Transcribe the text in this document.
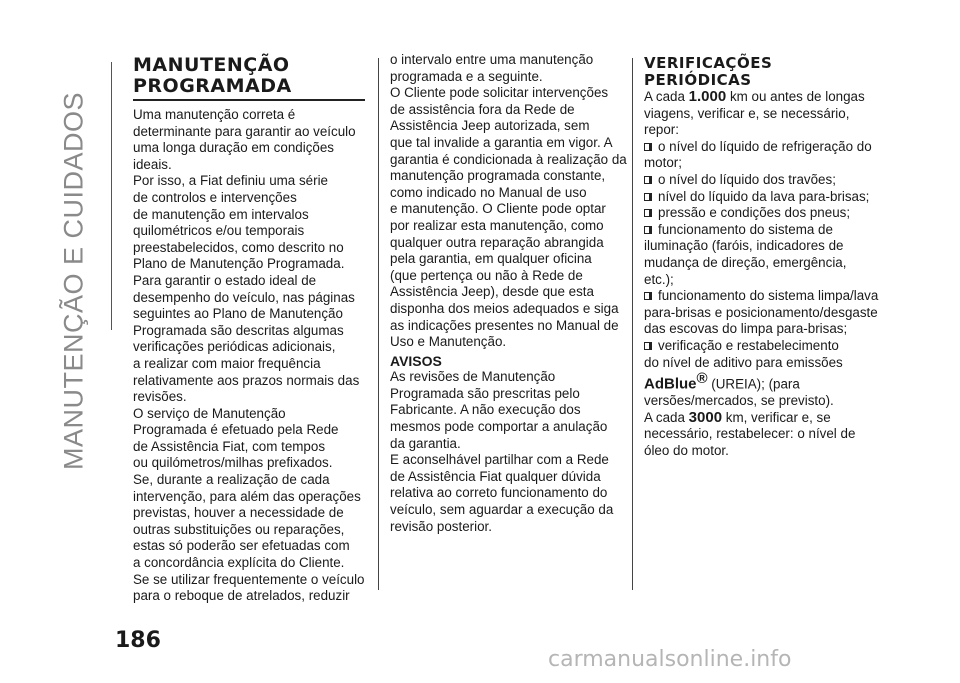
MANUTENÇÃO E CUIDADOS
186
MANUTENÇÃO
PROGRAMADA

Uma manutenção correta é

determinante para garantir ao veículo

uma longa duração em condições

ideais.

Por isso, a Fiat definiu uma série

de controlos e intervenções

de manutenção em intervalos

quilométricos e/ou temporais

preestabelecidos, como descrito no

Plano de Manutenção Programada.

Para garantir o estado ideal de

desempenho do veículo, nas páginas

seguintes ao Plano de Manutenção

Programada são descritas algumas

verificações periódicas adicionais,

a realizar com maior frequência

relativamente aos prazos normais das

revisões.

O serviço de Manutenção

Programada é efetuado pela Rede

de Assistência Fiat, com tempos

ou quilómetros/milhas prefixados.

Se, durante a realização de cada

intervenção, para além das operações

previstas, houver a necessidade de

outras substituições ou reparações,

estas só poderão ser efetuadas com

a concordância explícita do Cliente.

Se se utilizar frequentemente o veículo

para o reboque de atrelados, reduzir

o intervalo entre uma manutenção

programada e a seguinte.

O Cliente pode solicitar intervenções

de assistência fora da Rede de

Assistência Jeep autorizada, sem

que tal invalide a garantia em vigor. A

garantia é condicionada à realização da

manutenção programada constante,

como indicado no Manual de uso

e manutenção. O Cliente pode optar

por realizar esta manutenção, como

qualquer outra reparação abrangida

pela garantia, em qualquer oficina

(que pertença ou não à Rede de

Assistência Jeep), desde que esta

disponha dos meios adequados e siga

as indicações presentes no Manual de

Uso e Manutenção.

AVISOS

As revisões de Manutenção

Programada são prescritas pelo

Fabricante. A não execução dos

mesmos pode comportar a anulação

da garantia.

E aconselhável partilhar com a Rede

de Assistência Fiat qualquer dúvida

relativa ao correto funcionamento do

veículo, sem aguardar a execução da

revisão posterior.

VERIFICAÇÕES
PERIÓDICAS

A cada 1.000 km ou antes de longas

viagens, verificar e, se necessário,

repor:

o nível do líquido de refrigeração do
motor;
o nível do líquido dos travões;
nível do líquido da lava para-brisas;
pressão e condições dos pneus;
funcionamento do sistema de
iluminação (faróis, indicadores de
mudança de direção, emergência,
etc.);
funcionamento do sistema limpa/lava
para-brisas e posicionamento/desgaste
das escovas do limpa para-brisas;
verificação e restabelecimento
do nível de aditivo para emissões

AdBlue® (UREIA); (para

versões/mercados, se previsto).

A cada 3000 km, verificar e, se

necessário, restabelecer: o nível de

óleo do motor.

carmanualsonline.info
